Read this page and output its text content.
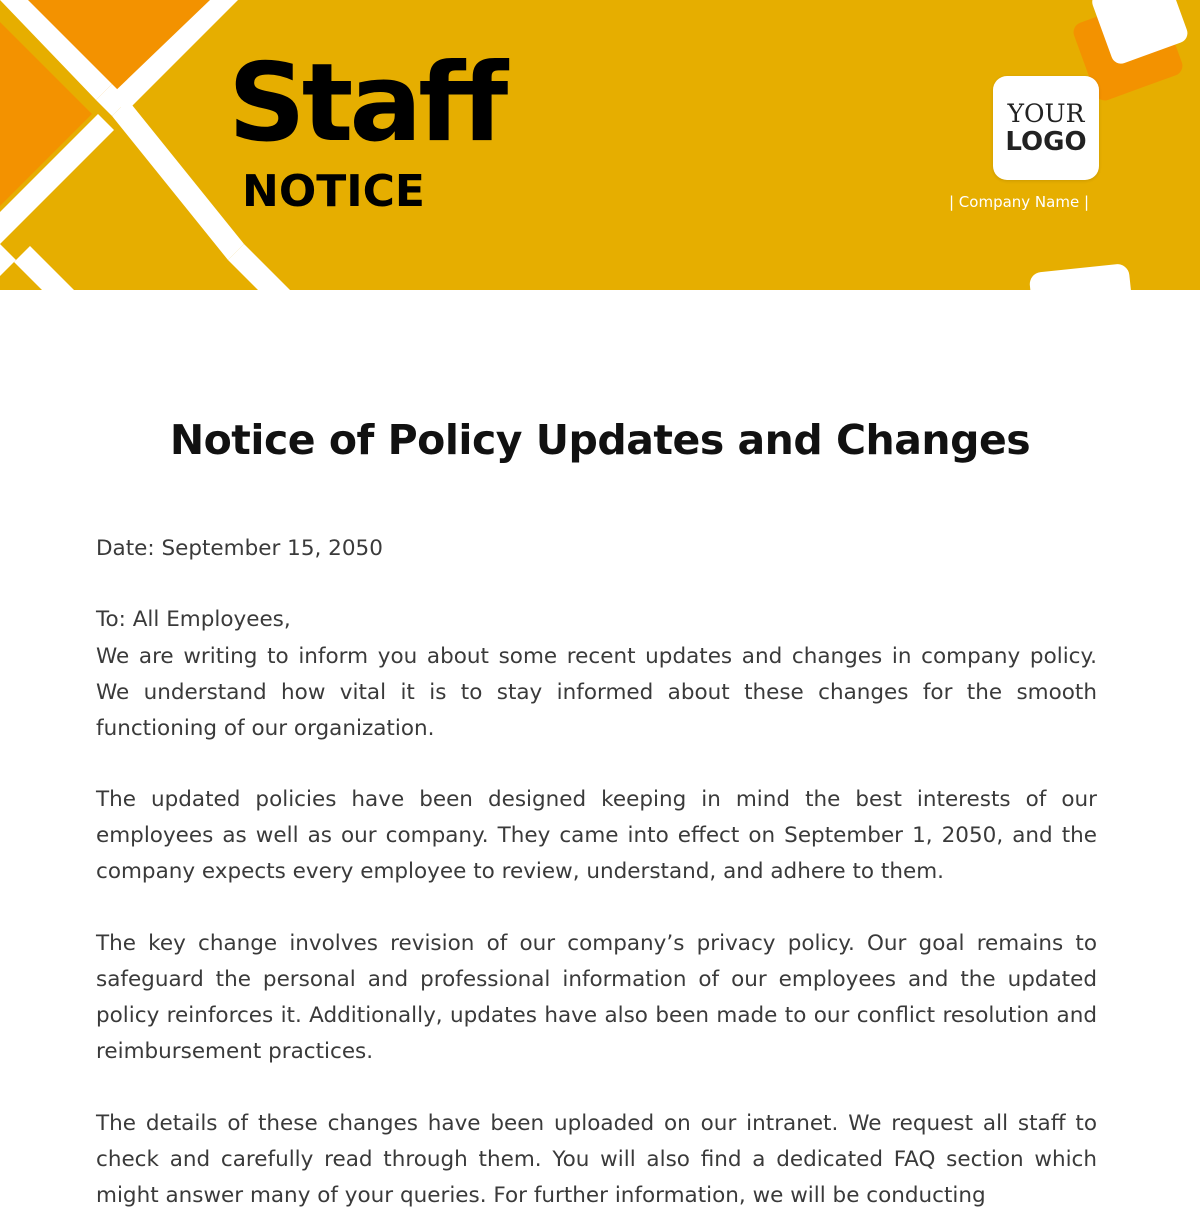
Staff
NOTICE
YOUR
LOGO
| Company Name |
Notice of Policy Updates and Changes

Date: September 15, 2050

To: All Employees,

We are writing to inform you about some recent updates and changes in company policy. We understand how vital it is to stay informed about these changes for the smooth functioning of our organization.

The updated policies have been designed keeping in mind the best interests of our employees as well as our company. They came into effect on September 1, 2050, and the company expects every employee to review, understand, and adhere to them.

The key change involves revision of our company’s privacy policy. Our goal remains to safeguard the personal and professional information of our employees and the updated policy reinforces it. Additionally, updates have also been made to our conflict resolution and reimbursement practices.

The details of these changes have been uploaded on our intranet. We request all staff to check and carefully read through them. You will also find a dedicated FAQ section which might answer many of your queries. For further information, we will be conducting
